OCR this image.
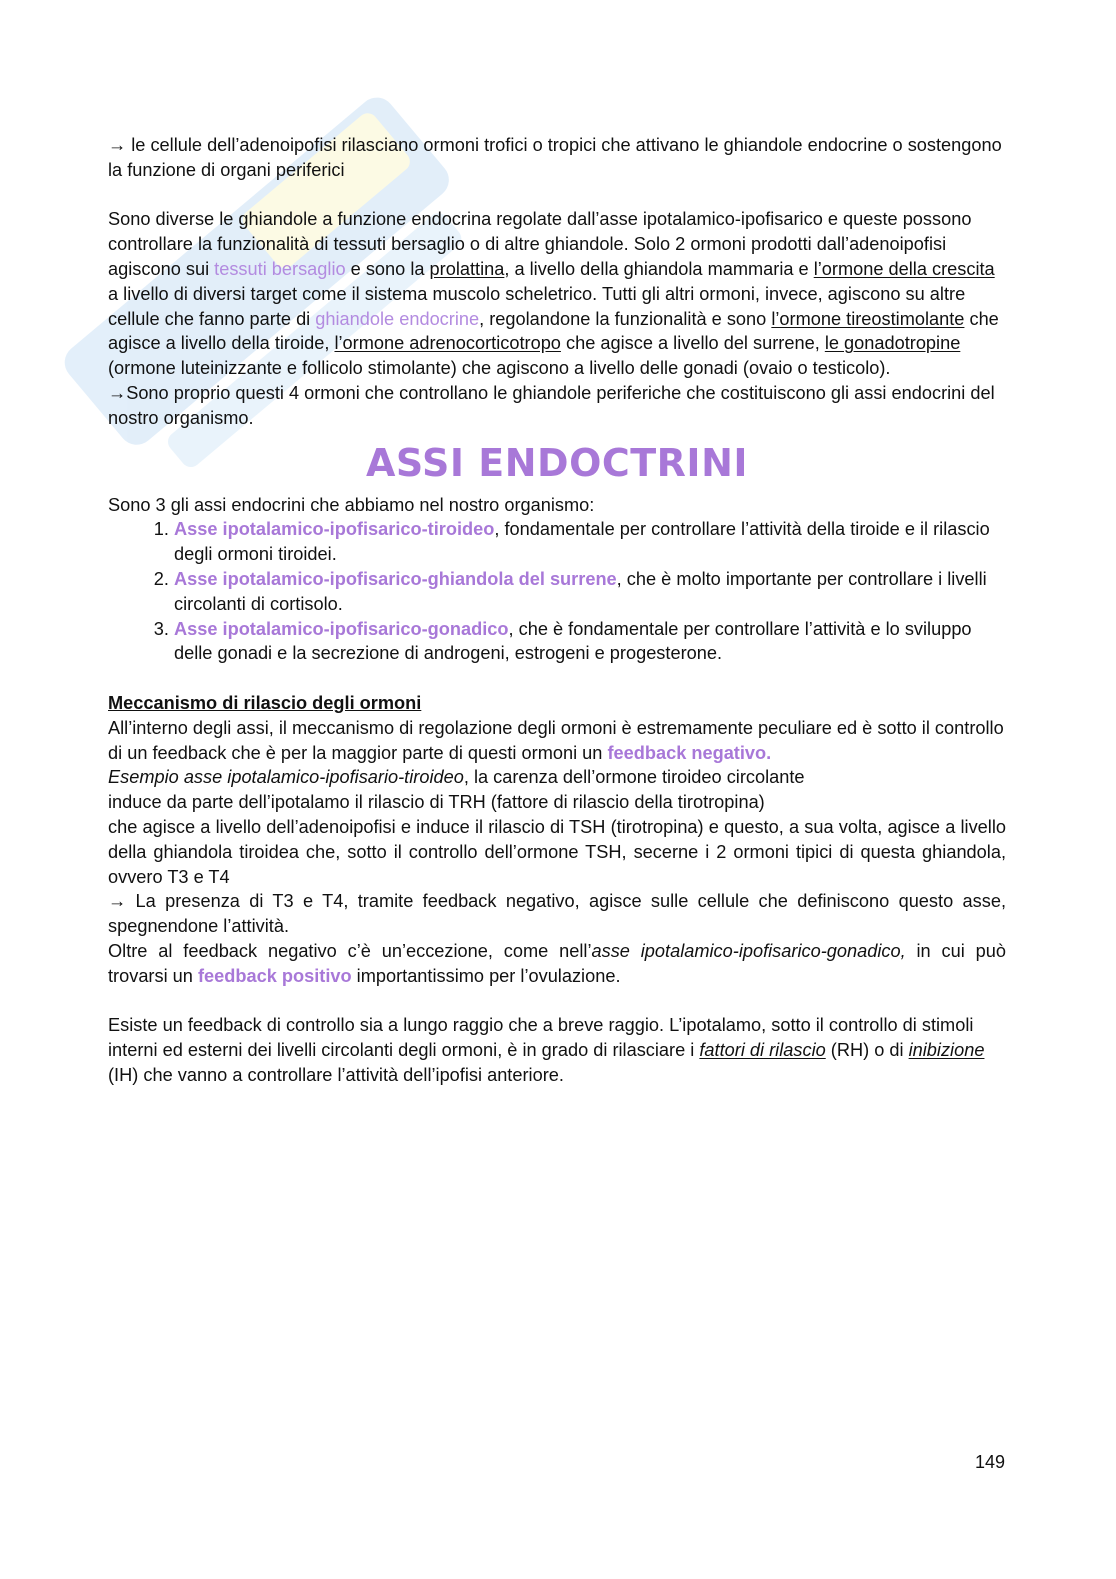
→ le cellule dell’adenoipofisi rilasciano ormoni trofici o tropici che attivano le ghiandole endocrine o sostengono la funzione di organi periferici

Sono diverse le ghiandole a funzione endocrina regolate dall’asse ipotalamico-ipofisarico e queste possono controllare la funzionalità di tessuti bersaglio o di altre ghiandole. Solo 2 ormoni prodotti dall’adenoipofisi agiscono sui tessuti bersaglio e sono la prolattina, a livello della ghiandola mammaria e l’ormone della crescita a livello di diversi target come il sistema muscolo scheletrico. Tutti gli altri ormoni, invece, agiscono su altre cellule che fanno parte di ghiandole endocrine, regolandone la funzionalità e sono l’ormone tireostimolante che agisce a livello della tiroide, l’ormone adrenocorticotropo che agisce a livello del surrene, le gonadotropine (ormone luteinizzante e follicolo stimolante) che agiscono a livello delle gonadi (ovaio o testicolo).
→Sono proprio questi 4 ormoni che controllano le ghiandole periferiche che costituiscono gli assi endocrini del nostro organismo.

ASSI ENDOCTRINI

Sono 3 gli assi endocrini che abbiamo nel nostro organismo:

1. Asse ipotalamico-ipofisarico-tiroideo, fondamentale per controllare l’attività della tiroide e il rilascio degli ormoni tiroidei.
2. Asse ipotalamico-ipofisarico-ghiandola del surrene, che è molto importante per controllare i livelli circolanti di cortisolo.
3. Asse ipotalamico-ipofisarico-gonadico, che è fondamentale per controllare l’attività e lo sviluppo delle gonadi e la secrezione di androgeni, estrogeni e progesterone.

Meccanismo di rilascio degli ormoni

All’interno degli assi, il meccanismo di regolazione degli ormoni è estremamente peculiare ed è sotto il controllo di un feedback che è per la maggior parte di questi ormoni un feedback negativo.

Esempio asse ipotalamico-ipofisario-tiroideo, la carenza dell’ormone tiroideo circolante

induce da parte dell’ipotalamo il rilascio di TRH (fattore di rilascio della tirotropina)

che agisce a livello dell’adenoipofisi e induce il rilascio di TSH (tirotropina) e questo, a sua volta, agisce a livello della ghiandola tiroidea che, sotto il controllo dell’ormone TSH, secerne i 2 ormoni tipici di questa ghiandola, ovvero T3 e T4
→ La presenza di T3 e T4, tramite feedback negativo, agisce sulle cellule che definiscono questo asse, spegnendone l’attività.
Oltre al feedback negativo c’è un’eccezione, come nell’asse ipotalamico-ipofisarico-gonadico, in cui può trovarsi un feedback positivo importantissimo per l’ovulazione.

Esiste un feedback di controllo sia a lungo raggio che a breve raggio. L’ipotalamo, sotto il controllo di stimoli interni ed esterni dei livelli circolanti degli ormoni, è in grado di rilasciare i fattori di rilascio (RH) o di inibizione (IH) che vanno a controllare l’attività dell’ipofisi anteriore.

149
